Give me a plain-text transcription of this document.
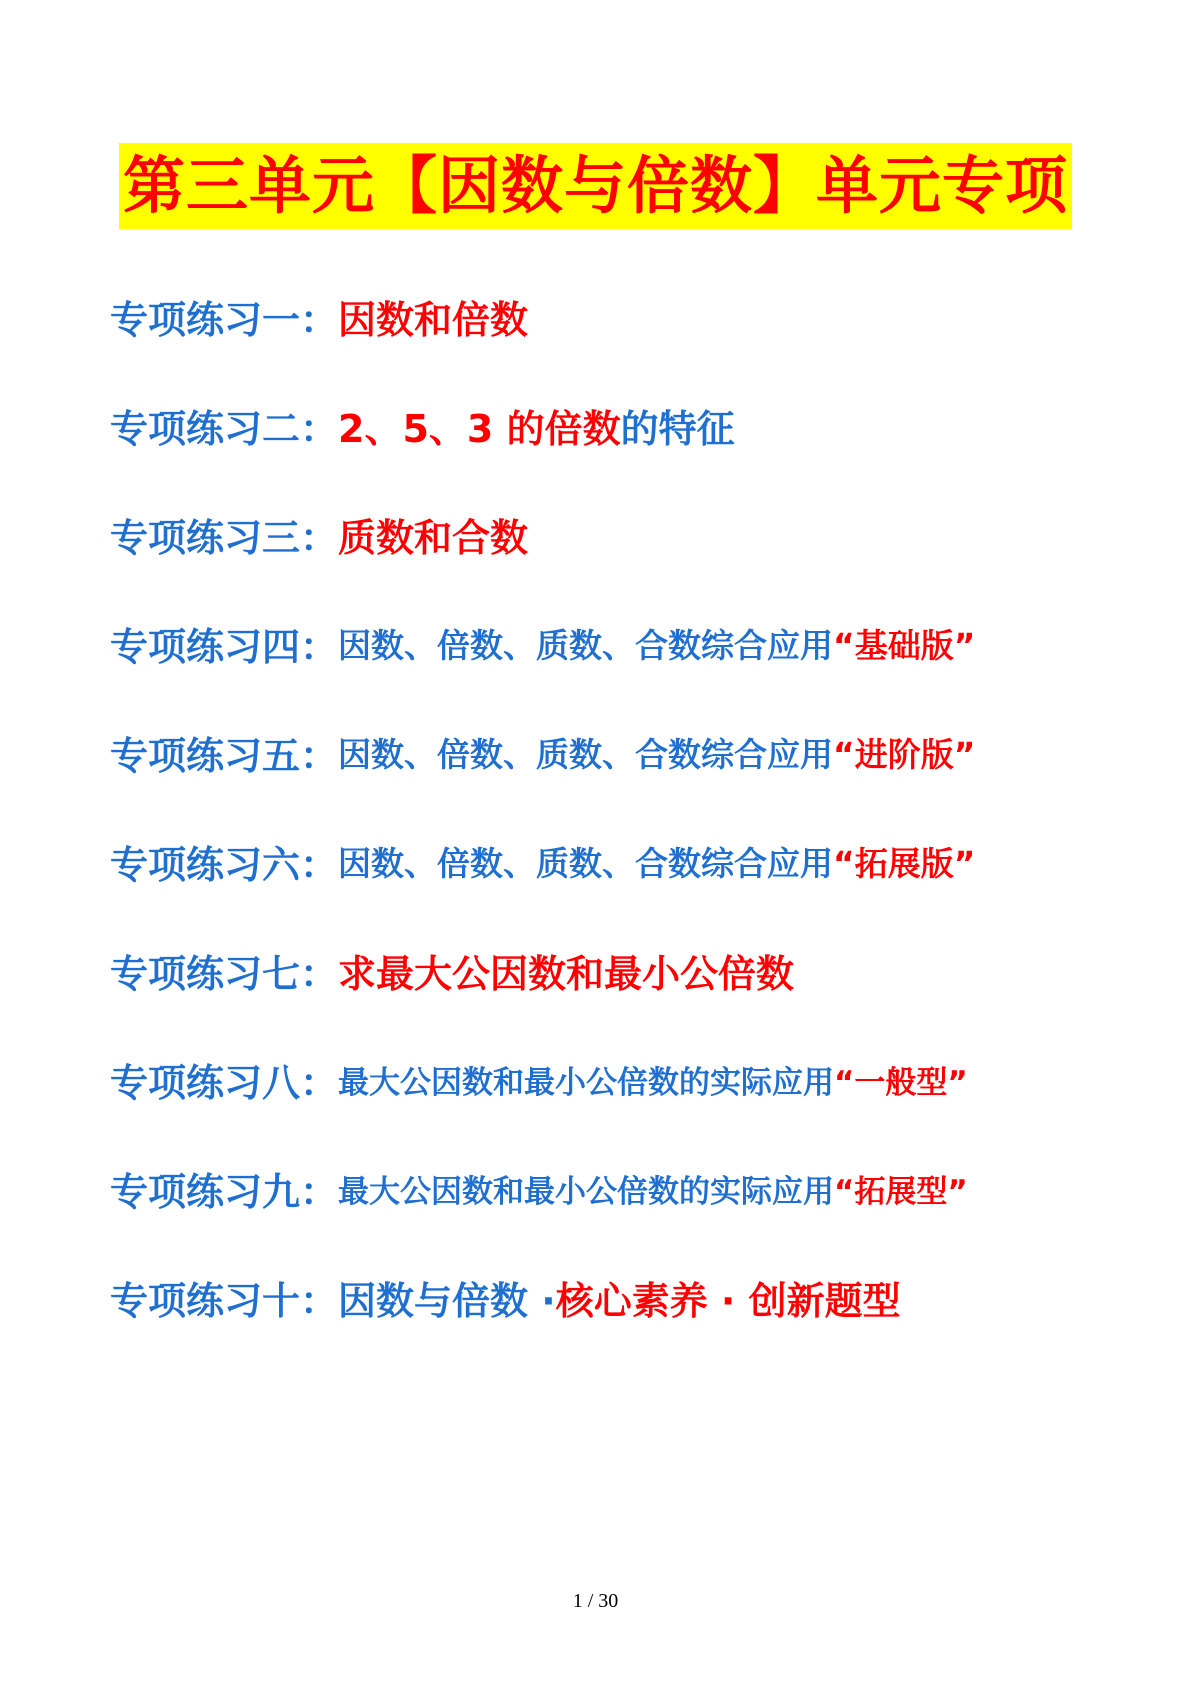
第三单元【因数与倍数】单元专项
专项练习一： 因数和倍数
专项练习二： 2、5、3 的倍数 的特征
专项练习三： 质数和合数
专项练习四： 因数、倍数、质数、合数综合应用 “基础版”
专项练习五： 因数、倍数、质数、合数综合应用 “进阶版”
专项练习六： 因数、倍数、质数、合数综合应用 “拓展版”
专项练习七： 求最大公因数和最小公倍数
专项练习八： 最大公因数和最小公倍数的实际应用 “一般型”
专项练习九： 最大公因数和最小公倍数的实际应用 “拓展型”
专项练习十： 因数与倍数 · 核心素养 · 创新题型
1 / 30
